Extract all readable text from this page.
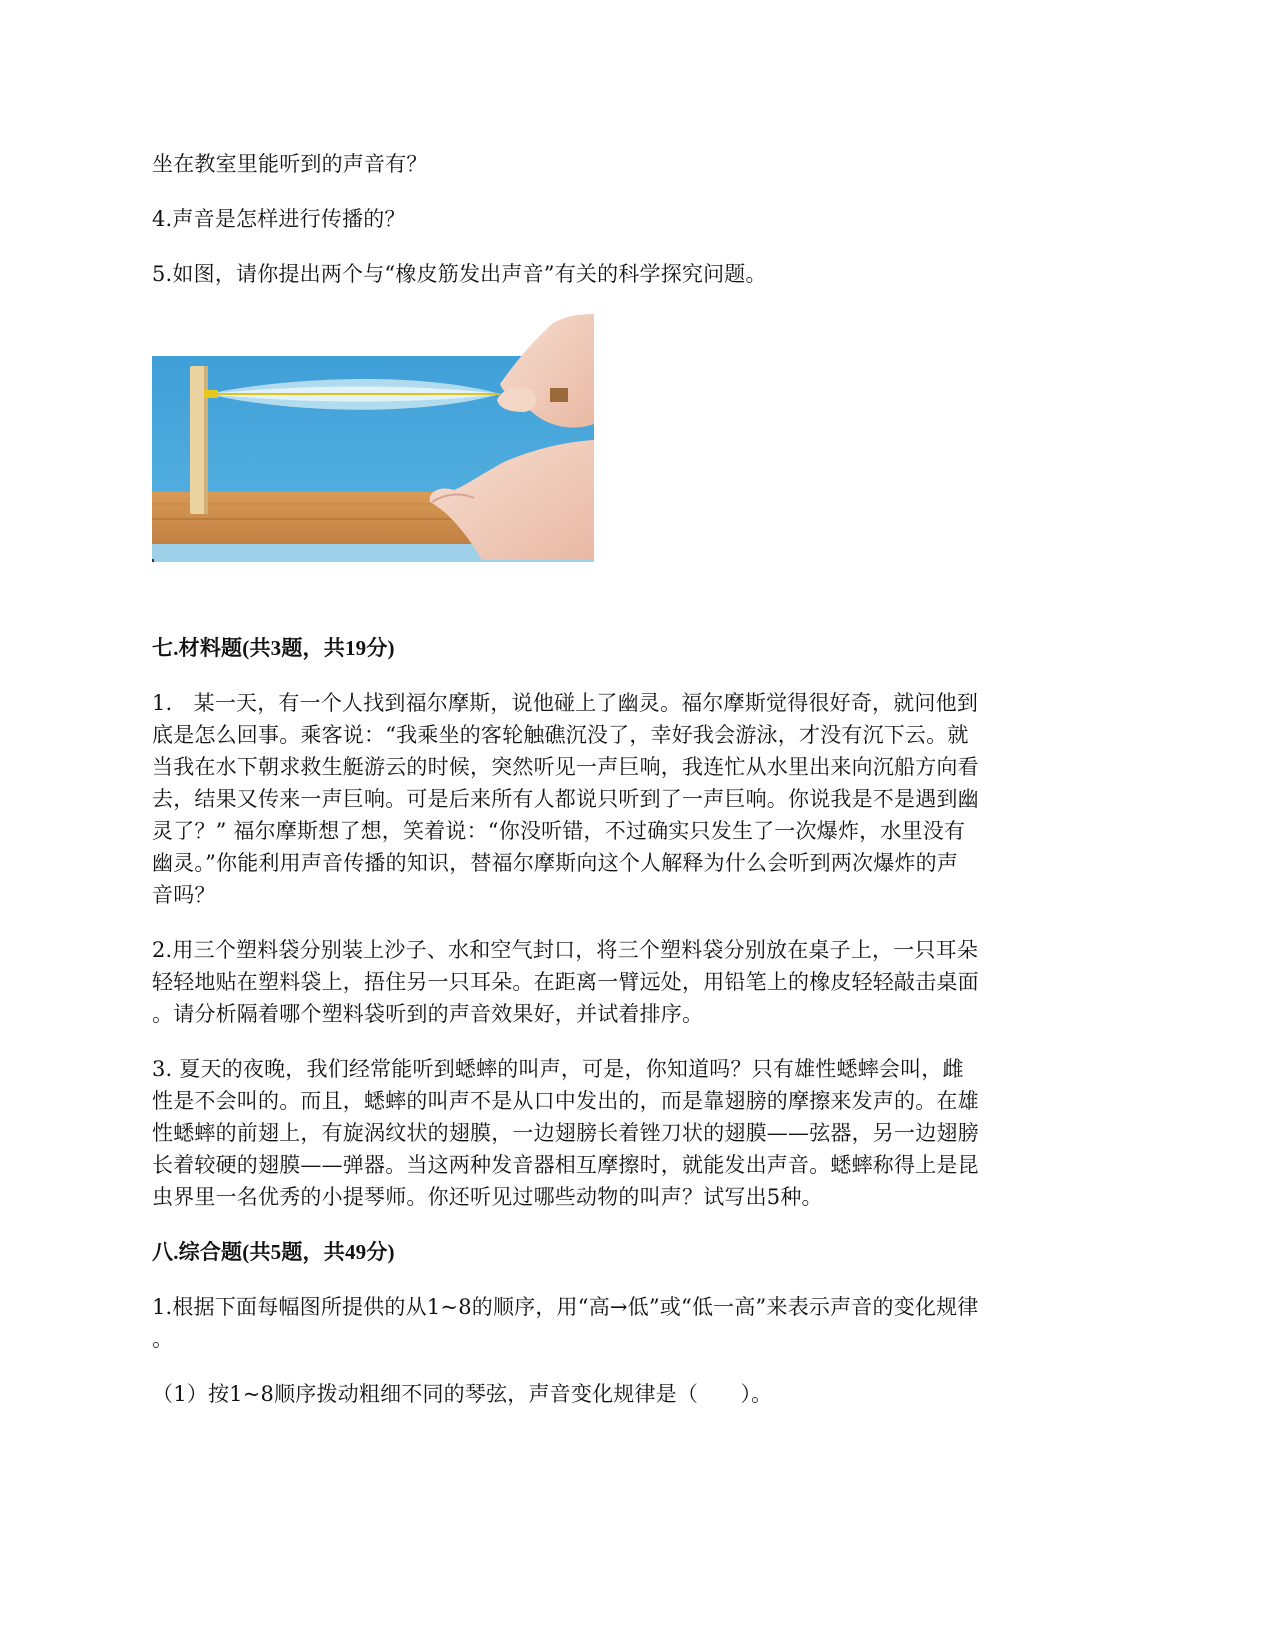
坐在教室里能听到的声音有？

4.声音是怎样进行传播的？

5.如图，请你提出两个与“橡皮筋发出声音”有关的科学探究问题。

七.材料题(共3题，共19分)

1.　某一天，有一个人找到福尔摩斯，说他碰上了幽灵。福尔摩斯觉得很好奇，就问他到

底是怎么回事。乘客说：“我乘坐的客轮触礁沉没了，幸好我会游泳，才没有沉下云。就

当我在水下朝求救生艇游云的时候，突然听见一声巨响，我连忙从水里出来向沉船方向看

去，结果又传来一声巨响。可是后来所有人都说只听到了一声巨响。你说我是不是遇到幽

灵了？” 福尔摩斯想了想，笑着说：“你没听错，不过确实只发生了一次爆炸，水里没有

幽灵。”你能利用声音传播的知识，替福尔摩斯向这个人解释为什么会听到两次爆炸的声

音吗？

2.用三个塑料袋分别装上沙子、水和空气封口，将三个塑料袋分别放在桌子上，一只耳朵

轻轻地贴在塑料袋上，捂住另一只耳朵。在距离一臂远处，用铅笔上的橡皮轻轻敲击桌面

。请分析隔着哪个塑料袋听到的声音效果好，并试着排序。

3. 夏天的夜晚，我们经常能听到蟋蟀的叫声，可是，你知道吗？只有雄性蟋蟀会叫，雌

性是不会叫的。而且，蟋蟀的叫声不是从口中发出的，而是靠翅膀的摩擦来发声的。在雄

性蟋蟀的前翅上，有旋涡纹状的翅膜，一边翅膀长着锉刀状的翅膜——弦器，另一边翅膀

长着较硬的翅膜——弹器。当这两种发音器相互摩擦时，就能发出声音。蟋蟀称得上是昆

虫界里一名优秀的小提琴师。你还听见过哪些动物的叫声？试写出5种。

八.综合题(共5题，共49分)

1.根据下面每幅图所提供的从1~8的顺序，用“高→低”或“低一高”来表示声音的变化规律

。

（1）按1~8顺序拨动粗细不同的琴弦，声音变化规律是（　　）。
